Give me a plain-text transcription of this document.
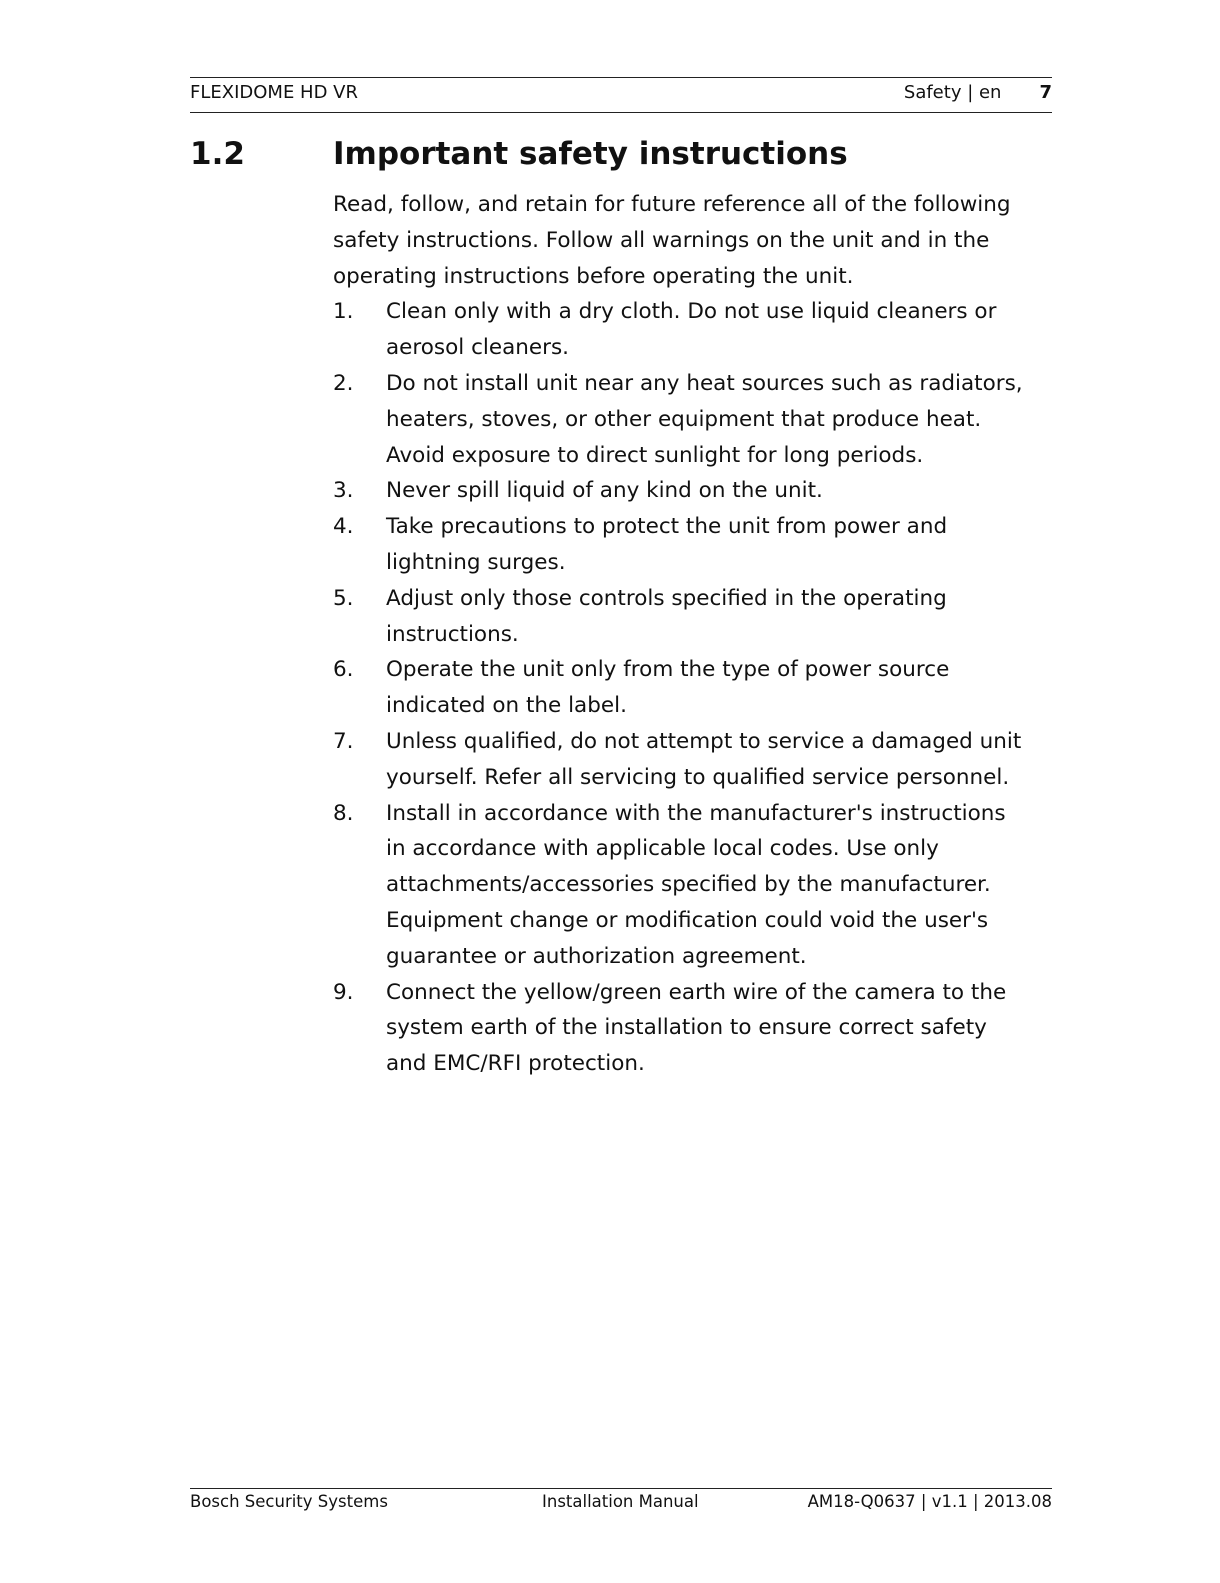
FLEXIDOME HD VR	Safety | en 7
1.2	Important safety instructions

Read, follow, and retain for future reference all of the following
safety instructions. Follow all warnings on the unit and in the
operating instructions before operating the unit.

1. Clean only with a dry cloth. Do not use liquid cleaners or
aerosol cleaners.
2. Do not install unit near any heat sources such as radiators,
heaters, stoves, or other equipment that produce heat.
Avoid exposure to direct sunlight for long periods.
3. Never spill liquid of any kind on the unit.
4. Take precautions to protect the unit from power and
lightning surges.
5. Adjust only those controls specified in the operating
instructions.
6. Operate the unit only from the type of power source
indicated on the label.
7. Unless qualified, do not attempt to service a damaged unit
yourself. Refer all servicing to qualified service personnel.
8. Install in accordance with the manufacturer's instructions
in accordance with applicable local codes. Use only
attachments/accessories specified by the manufacturer.
Equipment change or modification could void the user's
guarantee or authorization agreement.
9. Connect the yellow/green earth wire of the camera to the
system earth of the installation to ensure correct safety
and EMC/RFI protection.
Bosch Security Systems	Installation Manual	AM18-Q0637 | v1.1 | 2013.08
